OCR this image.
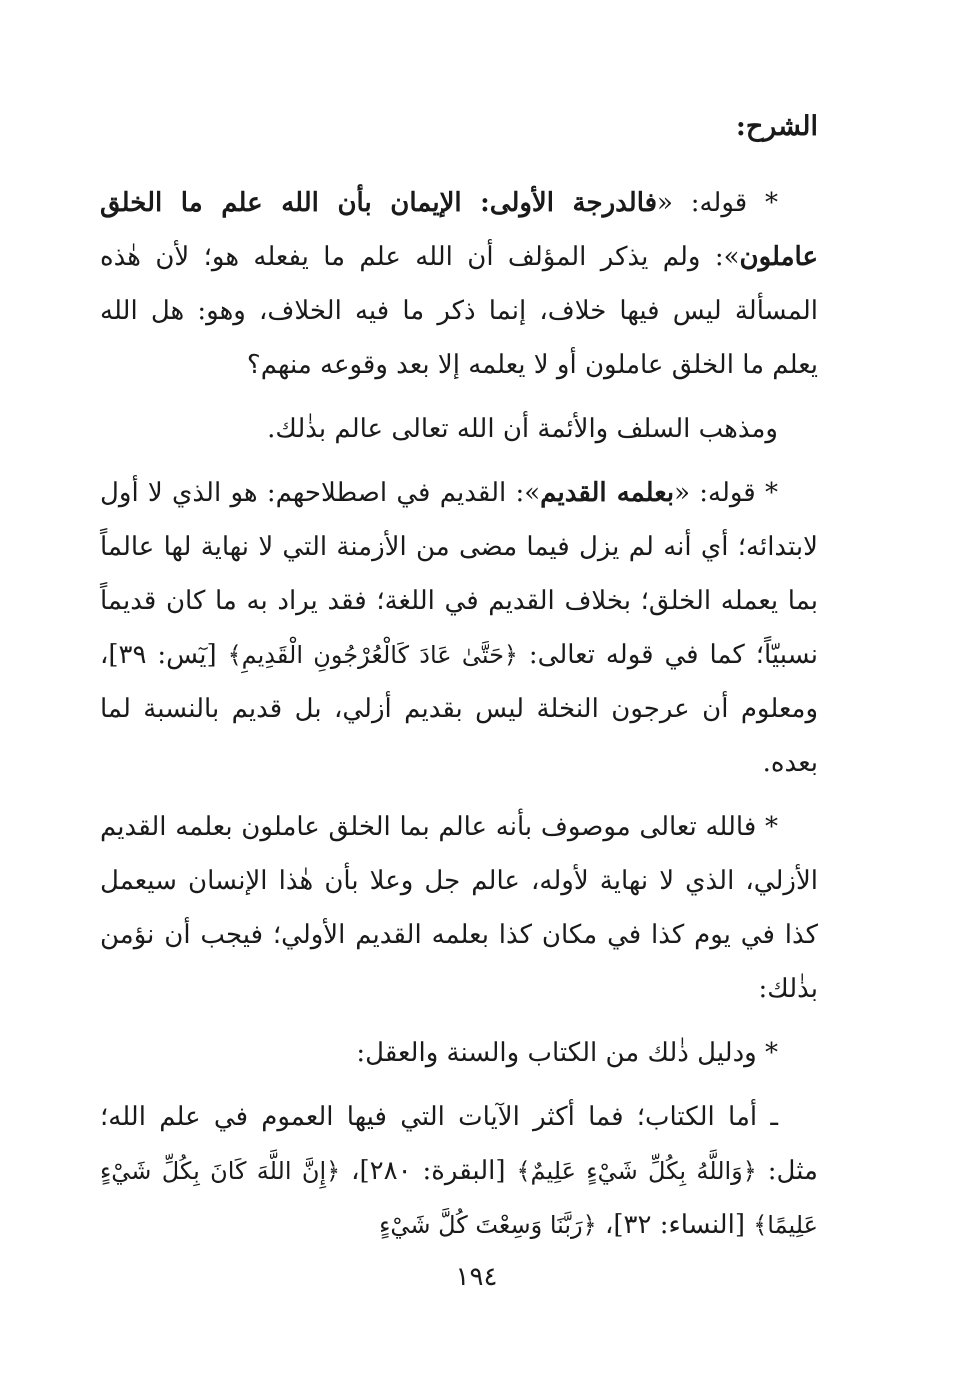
الشرح:

* قوله: «فالدرجة الأولى: الإيمان بأن الله علم ما الخلق عاملون»: ولم يذكر المؤلف أن الله علم ما يفعله هو؛ لأن هٰذه المسألة ليس فيها خلاف، إنما ذكر ما فيه الخلاف، وهو: هل الله يعلم ما الخلق عاملون أو لا يعلمه إلا بعد وقوعه منهم؟

ومذهب السلف والأئمة أن الله تعالى عالم بذٰلك.

* قوله: «بعلمه القديم»: القديم في اصطلاحهم: هو الذي لا أول لابتدائه؛ أي أنه لم يزل فيما مضى من الأزمنة التي لا نهاية لها عالماً بما يعمله الخلق؛ بخلاف القديم في اللغة؛ فقد يراد به ما كان قديماً نسبيّاً؛ كما في قوله تعالى: ﴿حَتَّىٰ عَادَ كَالْعُرْجُونِ الْقَدِيمِ﴾ [يٓس: ٣٩]، ومعلوم أن عرجون النخلة ليس بقديم أزلي، بل قديم بالنسبة لما بعده.

* فالله تعالى موصوف بأنه عالم بما الخلق عاملون بعلمه القديم الأزلي، الذي لا نهاية لأوله، عالم جل وعلا بأن هٰذا الإنسان سيعمل كذا في يوم كذا في مكان كذا بعلمه القديم الأولي؛ فيجب أن نؤمن بذٰلك:

* ودليل ذٰلك من الكتاب والسنة والعقل:

ـ أما الكتاب؛ فما أكثر الآيات التي فيها العموم في علم الله؛ مثل: ﴿وَاللَّهُ بِكُلِّ شَيْءٍ عَلِيمٌ﴾ [البقرة: ٢٨٠]، ﴿إِنَّ اللَّهَ كَانَ بِكُلِّ شَيْءٍ عَلِيمًا﴾ [النساء: ٣٢]، ﴿رَبَّنَا وَسِعْتَ كُلَّ شَيْءٍ

١٩٤
